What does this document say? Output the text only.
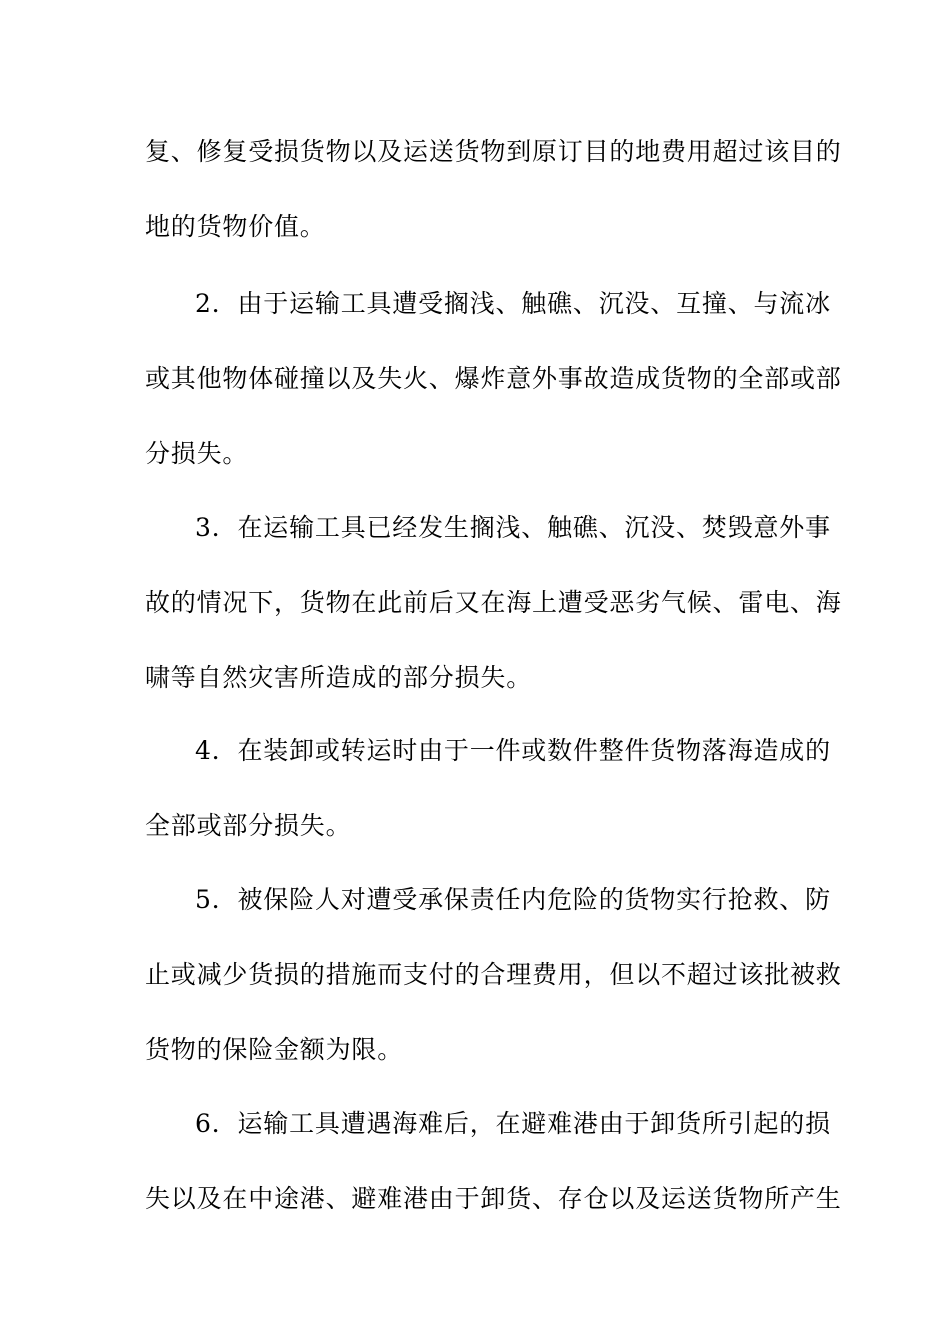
复、修复受损货物以及运送货物到原订目的地费用超过该目的
地的货物价值。
2．由于运输工具遭受搁浅、触礁、沉没、互撞、与流冰
或其他物体碰撞以及失火、爆炸意外事故造成货物的全部或部
分损失。
3．在运输工具已经发生搁浅、触礁、沉没、焚毁意外事
故的情况下，货物在此前后又在海上遭受恶劣气候、雷电、海
啸等自然灾害所造成的部分损失。
4．在装卸或转运时由于一件或数件整件货物落海造成的
全部或部分损失。
5．被保险人对遭受承保责任内危险的货物实行抢救、防
止或减少货损的措施而支付的合理费用，但以不超过该批被救
货物的保险金额为限。
6．运输工具遭遇海难后，在避难港由于卸货所引起的损
失以及在中途港、避难港由于卸货、存仓以及运送货物所产生
